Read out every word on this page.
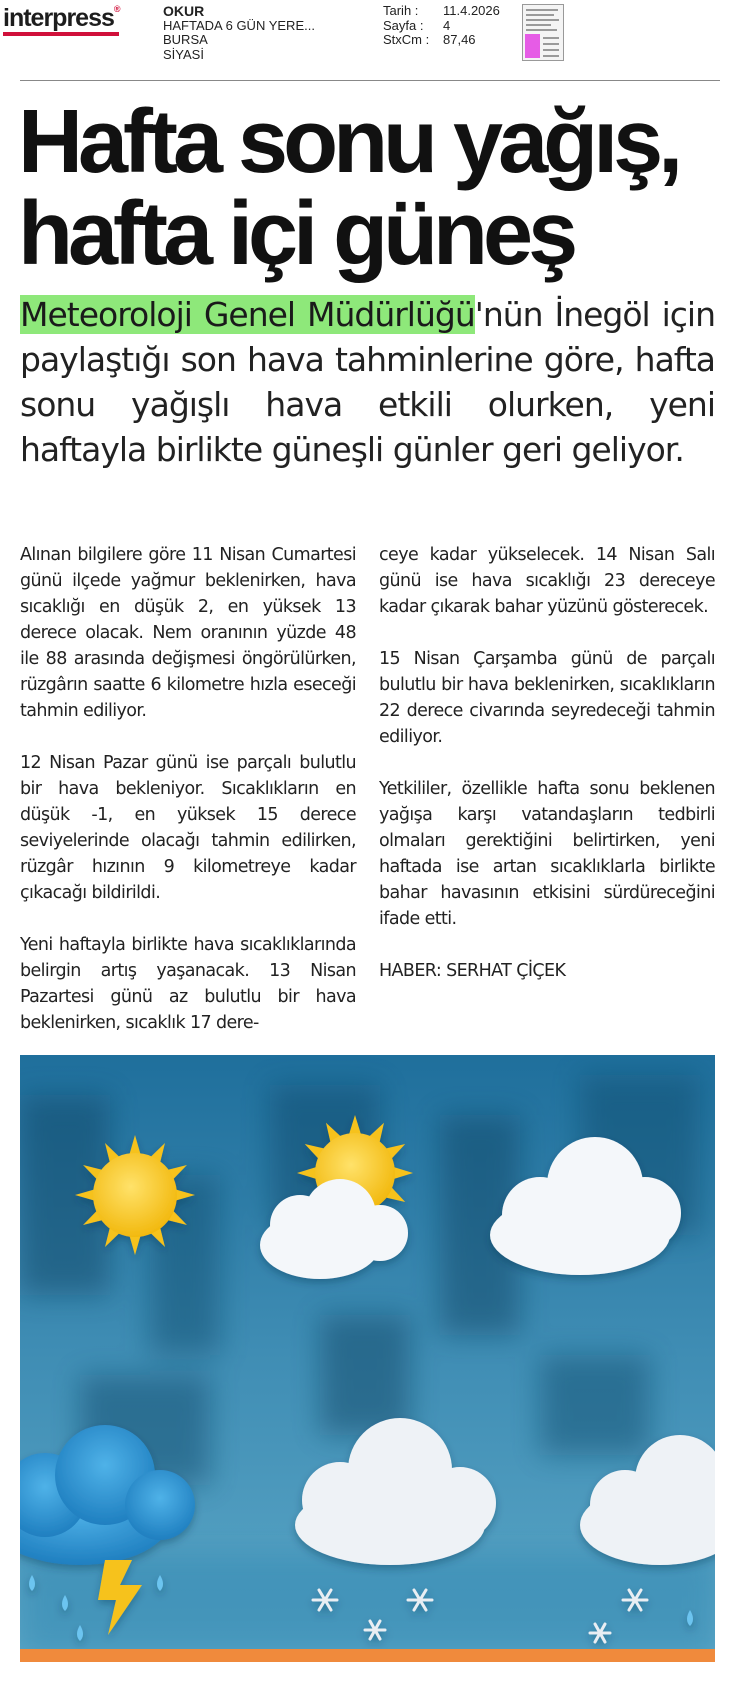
interpress®	OKUR
HAFTADA 6 GÜN YERE...
BURSA
SİYASİ
Tarih :	11.4.2026
Sayfa :	4
StxCm :	87,46
Hafta sonu yağış,
hafta içi güneş

Meteoroloji Genel Müdürlüğü'nün İnegöl için paylaştığı son hava tahminlerine göre, hafta sonu yağışlı hava etkili olurken, yeni haftayla birlikte güneşli günler geri geliyor.

Alınan bilgilere göre 11 Nisan Cumartesi günü ilçede yağmur beklenirken, hava sıcaklığı en düşük 2, en yüksek 13 derece olacak. Nem oranının yüzde 48 ile 88 arasında değişmesi öngörülürken, rüzgârın saatte 6 kilometre hızla eseceği tahmin ediliyor.

12 Nisan Pazar günü ise parçalı bulutlu bir hava bekleniyor. Sıcaklıkların en düşük -1, en yüksek 15 derece seviyelerinde olacağı tahmin edilirken, rüzgâr hızının 9 kilometreye kadar çıkacağı bildirildi.

Yeni haftayla birlikte hava sıcaklıklarında belirgin artış yaşanacak. 13 Nisan Pazartesi günü az bulutlu bir hava beklenirken, sıcaklık 17 dere-

ceye kadar yükselecek. 14 Nisan Salı günü ise hava sıcaklığı 23 dereceye kadar çıkarak bahar yüzünü gösterecek.

15 Nisan Çarşamba günü de parçalı bulutlu bir hava beklenirken, sıcaklıkların 22 derece civarında seyredeceği tahmin ediliyor.

Yetkililer, özellikle hafta sonu beklenen yağışa karşı vatandaşların tedbirli olmaları gerektiğini belirtirken, yeni haftada ise artan sıcaklıklarla birlikte bahar havasının etkisini sürdüreceğini ifade etti.

HABER: SERHAT ÇİÇEK
